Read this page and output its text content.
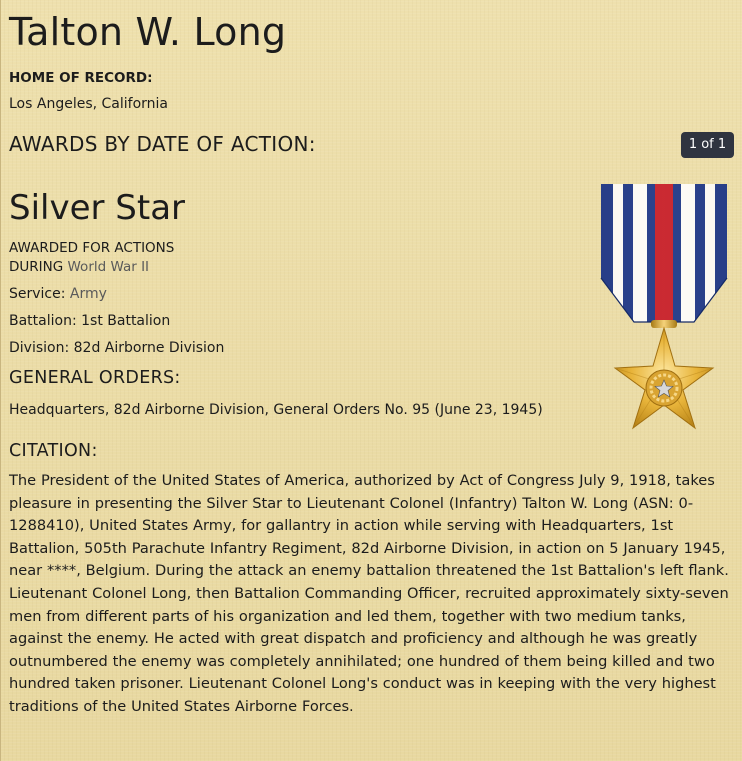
Talton W. Long
HOME OF RECORD:
Los Angeles, California
AWARDS BY DATE OF ACTION:	1 of 1
Silver Star
AWARDED FOR ACTIONS
DURING World War II
Service: Army
Battalion: 1st Battalion
Division: 82d Airborne Division
GENERAL ORDERS:
Headquarters, 82d Airborne Division, General Orders No. 95 (June 23, 1945)
CITATION:
The President of the United States of America, authorized by Act of Congress July 9, 1918, takes pleasure in presenting the Silver Star to Lieutenant Colonel (Infantry) Talton W. Long (ASN: 0-1288410), United States Army, for gallantry in action while serving with Headquarters, 1st Battalion, 505th Parachute Infantry Regiment, 82d Airborne Division, in action on 5 January 1945, near ****, Belgium. During the attack an enemy battalion threatened the 1st Battalion's left flank. Lieutenant Colonel Long, then Battalion Commanding Officer, recruited approximately sixty-seven men from different parts of his organization and led them, together with two medium tanks, against the enemy. He acted with great dispatch and proficiency and although he was greatly outnumbered the enemy was completely annihilated; one hundred of them being killed and two hundred taken prisoner. Lieutenant Colonel Long's conduct was in keeping with the very highest traditions of the United States Airborne Forces.
